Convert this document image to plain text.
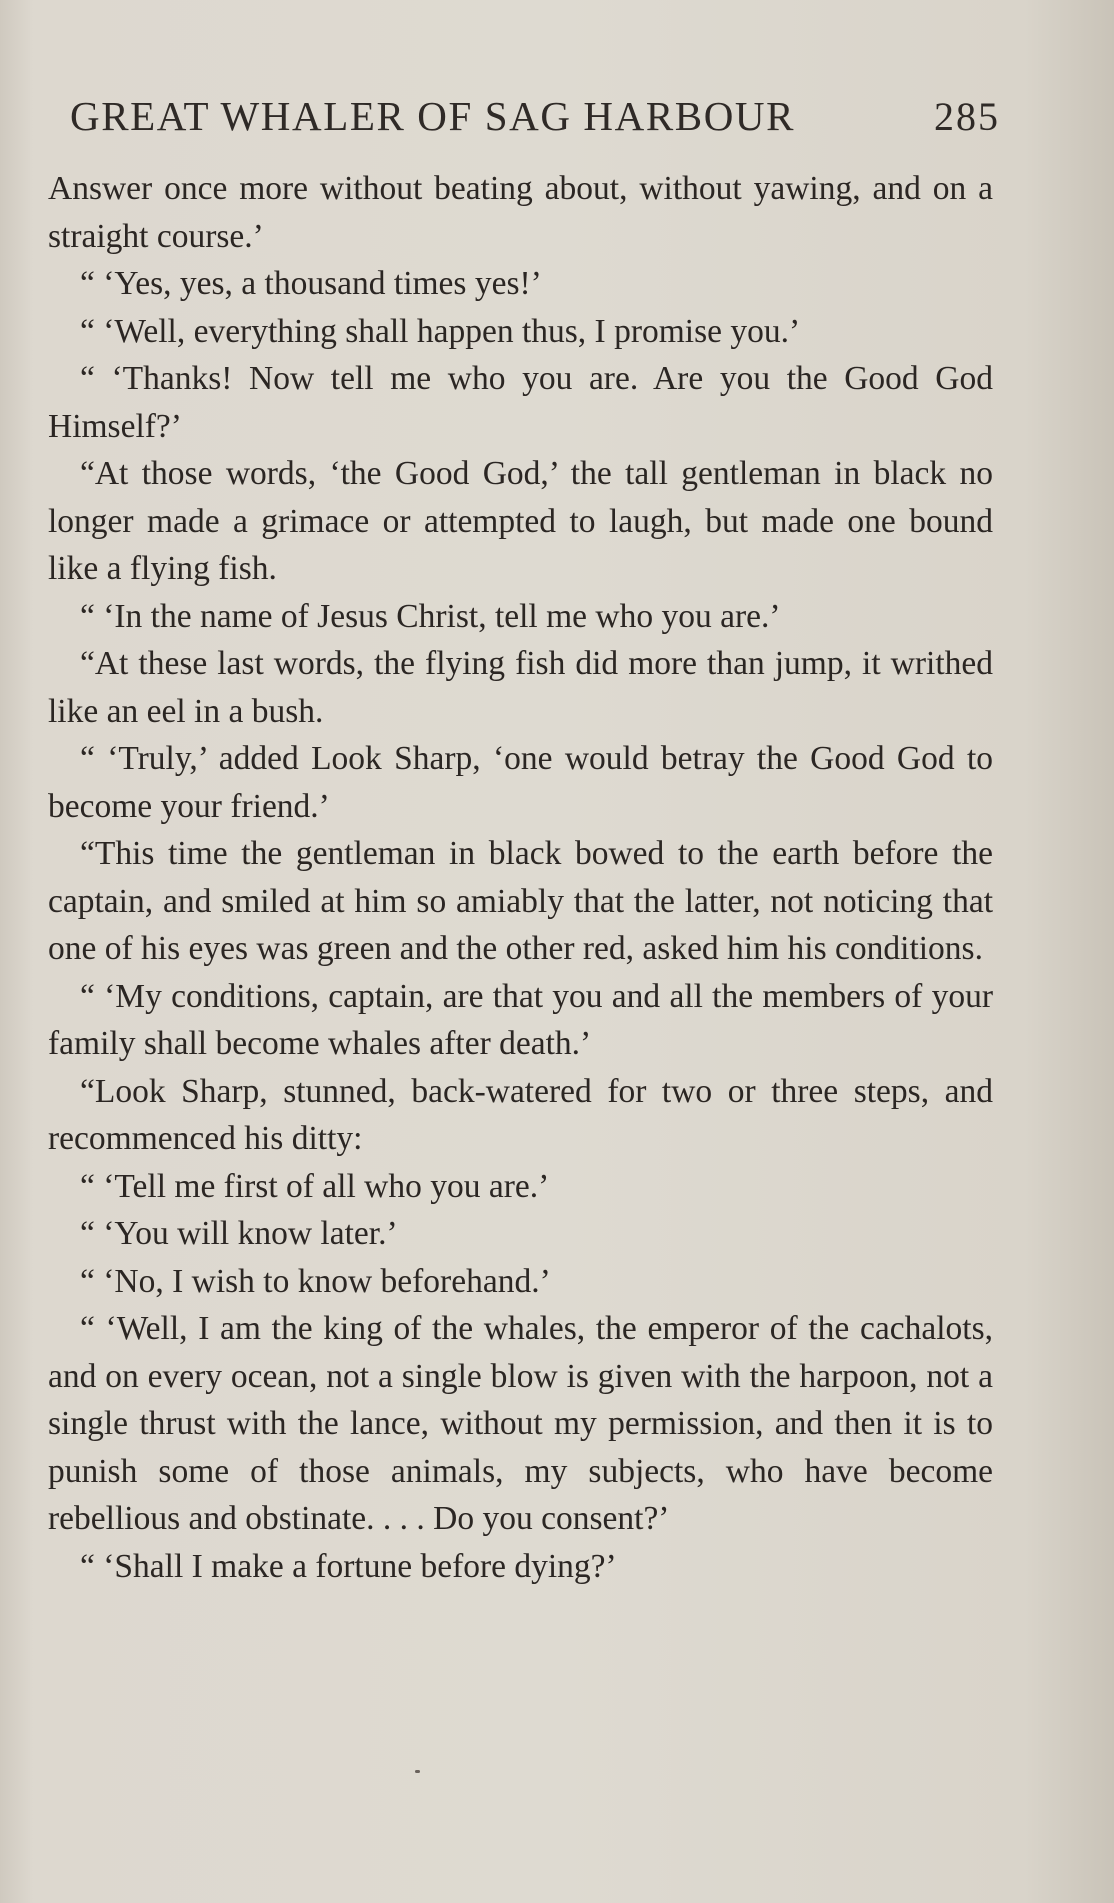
GREAT WHALER OF SAG HARBOUR	285

Answer once more without beating about, without yawing, and on a straight course.’

“ ‘Yes, yes, a thousand times yes!’

“ ‘Well, everything shall happen thus, I promise you.’

“ ‘Thanks! Now tell me who you are. Are you the Good God Himself?’

“At those words, ‘the Good God,’ the tall gentleman in black no longer made a grimace or attempted to laugh, but made one bound like a flying fish.

“ ‘In the name of Jesus Christ, tell me who you are.’

“At these last words, the flying fish did more than jump, it writhed like an eel in a bush.

“ ‘Truly,’ added Look Sharp, ‘one would betray the Good God to become your friend.’

“This time the gentleman in black bowed to the earth before the captain, and smiled at him so amiably that the latter, not noticing that one of his eyes was green and the other red, asked him his conditions.

“ ‘My conditions, captain, are that you and all the members of your family shall become whales after death.’

“Look Sharp, stunned, back-watered for two or three steps, and recommenced his ditty:

“ ‘Tell me first of all who you are.’

“ ‘You will know later.’

“ ‘No, I wish to know beforehand.’

“ ‘Well, I am the king of the whales, the emperor of the cachalots, and on every ocean, not a single blow is given with the harpoon, not a single thrust with the lance, without my permission, and then it is to punish some of those animals, my subjects, who have become rebellious and obstinate. . . . Do you consent?’

“ ‘Shall I make a fortune before dying?’
